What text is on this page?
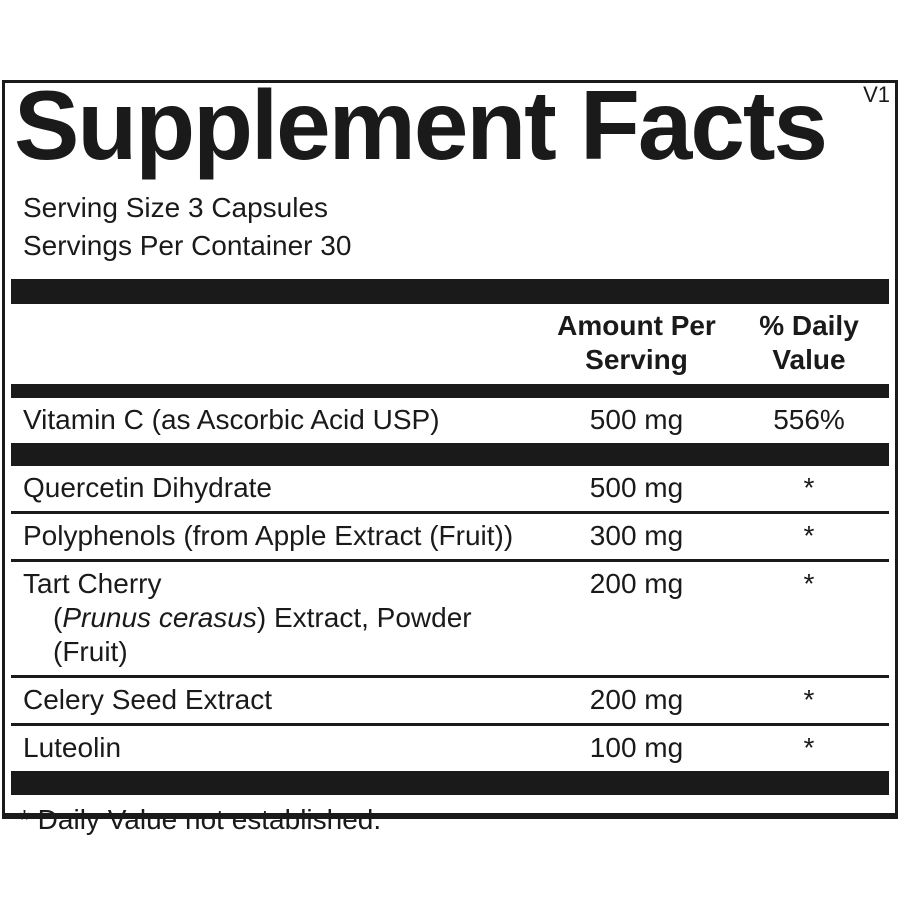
V1
Supplement Facts
Serving Size 3 Capsules
Servings Per Container 30
Amount Per Serving
% Daily Value
Vitamin C (as Ascorbic Acid USP)	500 mg	556%
Quercetin Dihydrate	500 mg	*
Polyphenols (from Apple Extract (Fruit))	300 mg	*
Tart Cherry
(Prunus cerasus) Extract, Powder (Fruit)
200 mg	*
Celery Seed Extract	200 mg	*
Luteolin	100 mg	*
* Daily Value not established.
